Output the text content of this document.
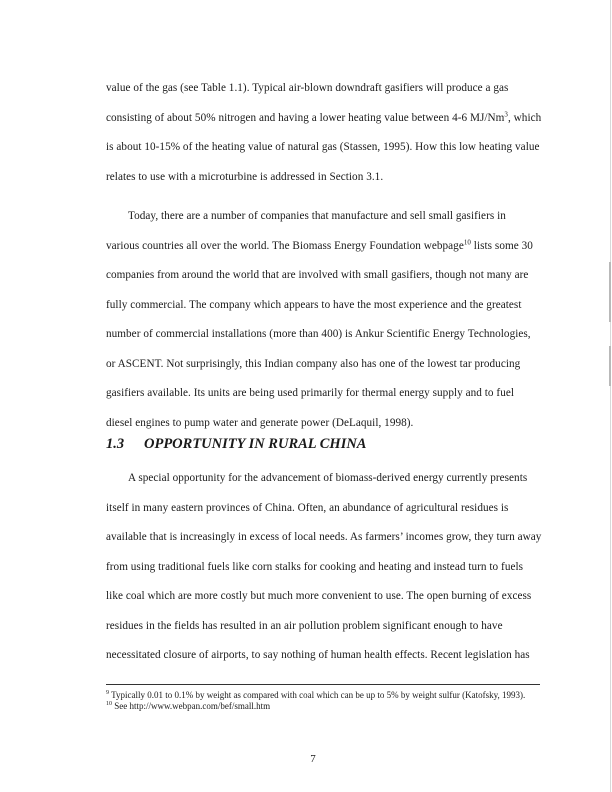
value of the gas (see Table 1.1). Typical air-blown downdraft gasifiers will produce a gas consisting of about 50% nitrogen and having a lower heating value between 4-6 MJ/Nm$^3$, which is about 10-15% of the heating value of natural gas (Stassen, 1995). How this low heating value relates to use with a microturbine is addressed in Section 3.1.

Today, there are a number of companies that manufacture and sell small gasifiers in various countries all over the world. The Biomass Energy Foundation webpage$^{10}$ lists some 30 companies from around the world that are involved with small gasifiers, though not many are fully commercial. The company which appears to have the most experience and the greatest number of commercial installations (more than 400) is Ankur Scientific Energy Technologies, or ASCENT. Not surprisingly, this Indian company also has one of the lowest tar producing gasifiers available. Its units are being used primarily for thermal energy supply and to fuel diesel engines to pump water and generate power (DeLaquil, 1998).

1.3 OPPORTUNITY IN RURAL CHINA

A special opportunity for the advancement of biomass-derived energy currently presents itself in many eastern provinces of China. Often, an abundance of agricultural residues is available that is increasingly in excess of local needs. As farmers’ incomes grow, they turn away from using traditional fuels like corn stalks for cooking and heating and instead turn to fuels like coal which are more costly but much more convenient to use. The open burning of excess residues in the fields has resulted in an air pollution problem significant enough to have necessitated closure of airports, to say nothing of human health effects. Recent legislation has

$^9$ Typically 0.01 to 0.1% by weight as compared with coal which can be up to 5% by weight sulfur (Katofsky, 1993).

$^{10}$ See http://www.webpan.com/bef/small.htm

7
